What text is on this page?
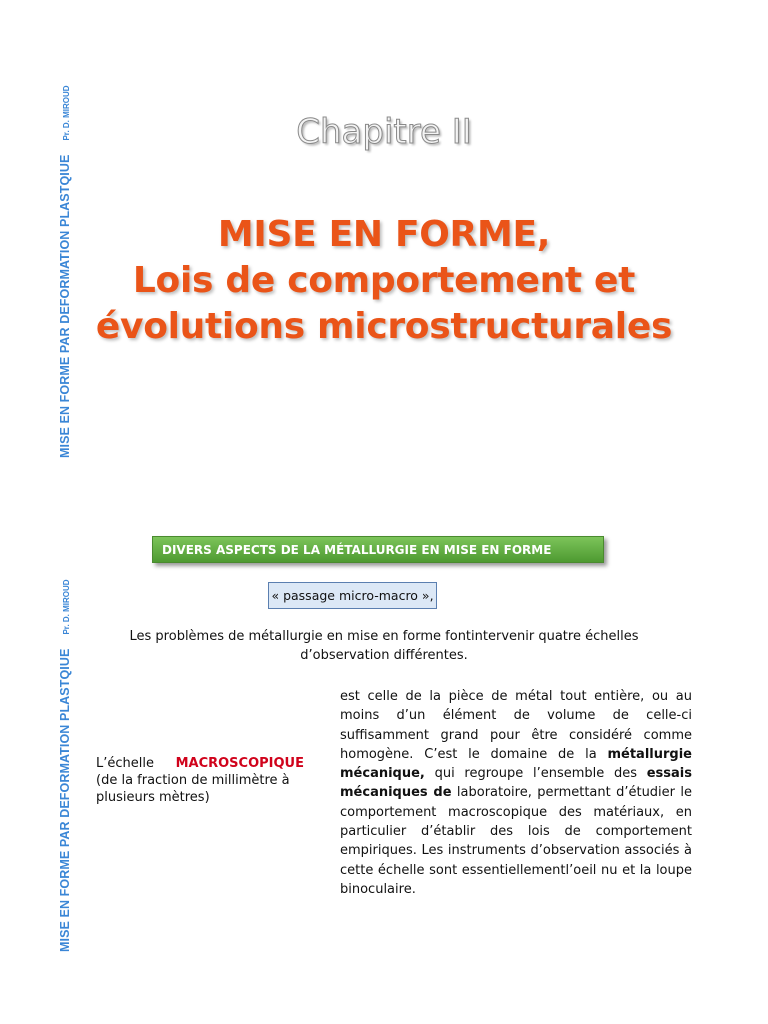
MISE EN FORME PAR DEFORMATION PLASTQIUEPr. D. MIROUD
MISE EN FORME PAR DEFORMATION PLASTQIUEPr. D. MIROUD
Chapitre II
MISE EN FORME,
Lois de comportement et
évolutions microstructurales
DIVERS ASPECTS DE LA MÉTALLURGIE EN MISE EN FORME
« passage micro-macro »,
Les problèmes de métallurgie en mise en forme fontintervenir quatre échelles
d’observation différentes.
L’échelle MACROSCOPIQUE
(de la fraction de millimètre à plusieurs mètres)
est celle de la pièce de métal tout entière, ou au moins d’un élément de volume de celle-ci suffisamment grand pour être considéré comme homogène. C’est le domaine de la métallurgie mécanique, qui regroupe l’ensemble des essais mécaniques de laboratoire, permettant d’étudier le comportement macroscopique des matériaux, en particulier d’établir des lois de comportement empiriques. Les instruments d’observation associés à cette échelle sont essentiellementl’oeil nu et la loupe binoculaire.
